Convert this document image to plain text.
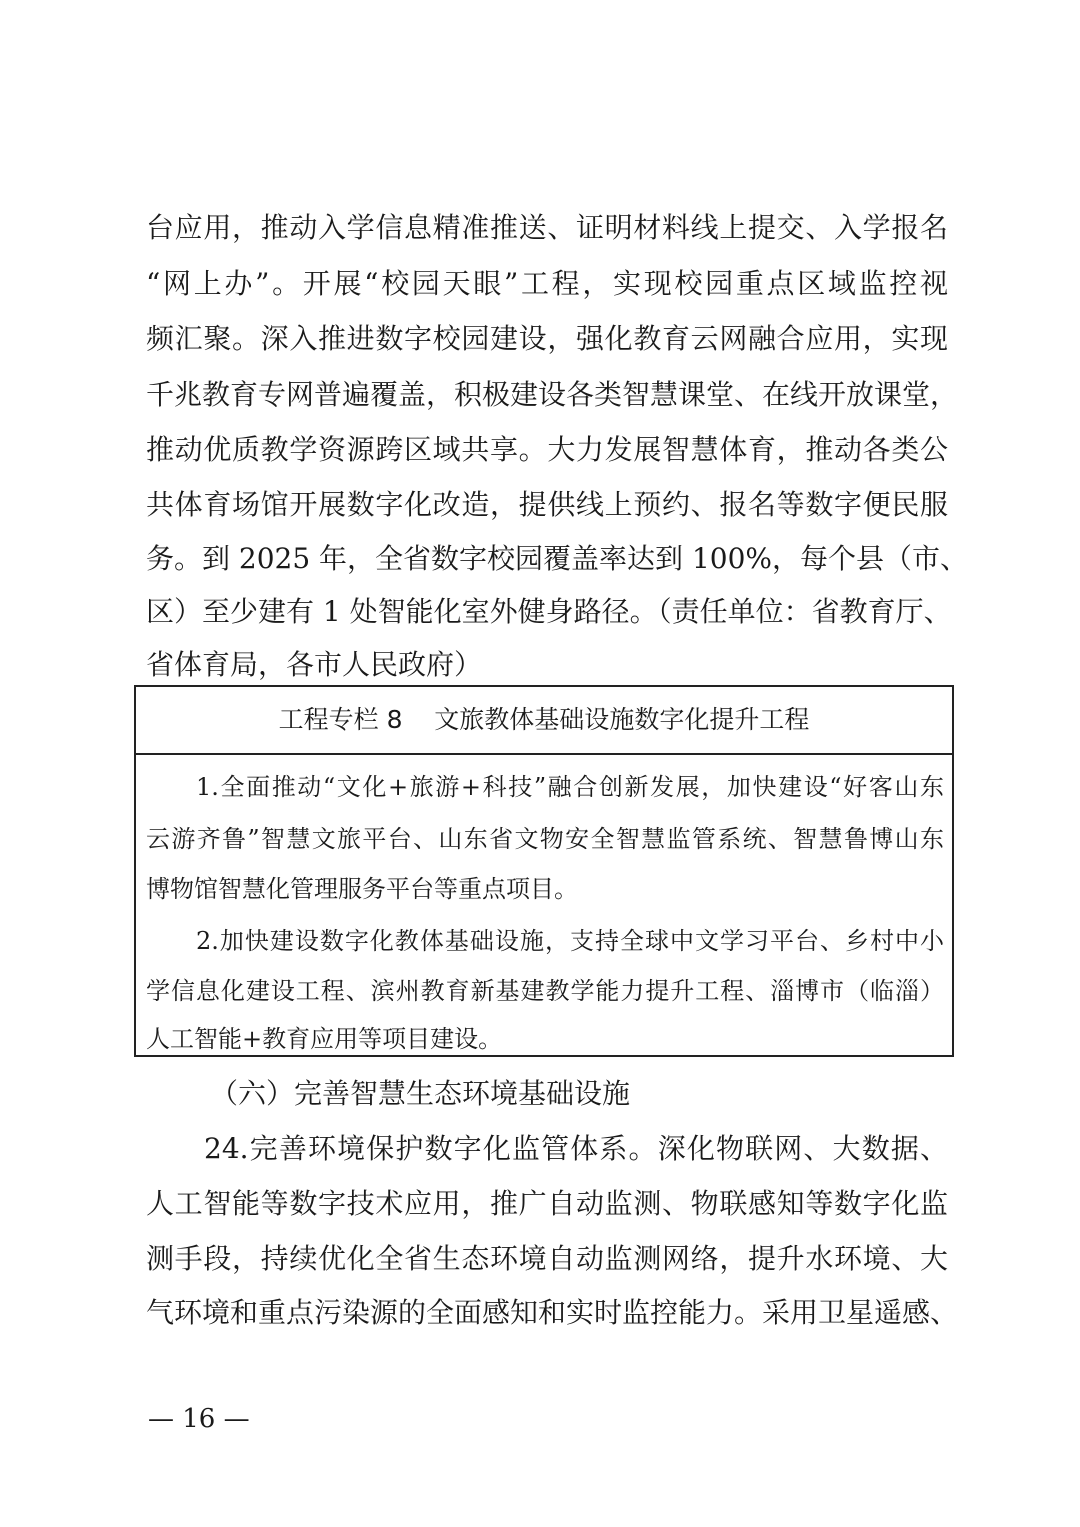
台应用，推动入学信息精准推送、证明材料线上提交、入学报名
“网上办”。开展“校园天眼”工程，实现校园重点区域监控视
频汇聚。深入推进数字校园建设，强化教育云网融合应用，实现
千兆教育专网普遍覆盖，积极建设各类智慧课堂、在线开放课堂，
推动优质教学资源跨区域共享。大力发展智慧体育，推动各类公
共体育场馆开展数字化改造，提供线上预约、报名等数字便民服
务。到 2025 年，全省数字校园覆盖率达到 100%，每个县（市、
区）至少建有 1 处智能化室外健身路径。（责任单位：省教育厅、
省体育局，各市人民政府）
工程专栏 8    文旅教体基础设施数字化提升工程
1.全面推动“文化+旅游+科技”融合创新发展，加快建设“好客山东
云游齐鲁”智慧文旅平台、山东省文物安全智慧监管系统、智慧鲁博山东
博物馆智慧化管理服务平台等重点项目。
2.加快建设数字化教体基础设施，支持全球中文学习平台、乡村中小
学信息化建设工程、滨州教育新基建教学能力提升工程、淄博市（临淄）
人工智能+教育应用等项目建设。
（六）完善智慧生态环境基础设施
24.完善环境保护数字化监管体系。深化物联网、大数据、
人工智能等数字技术应用，推广自动监测、物联感知等数字化监
测手段，持续优化全省生态环境自动监测网络，提升水环境、大
气环境和重点污染源的全面感知和实时监控能力。采用卫星遥感、
— 16 —
